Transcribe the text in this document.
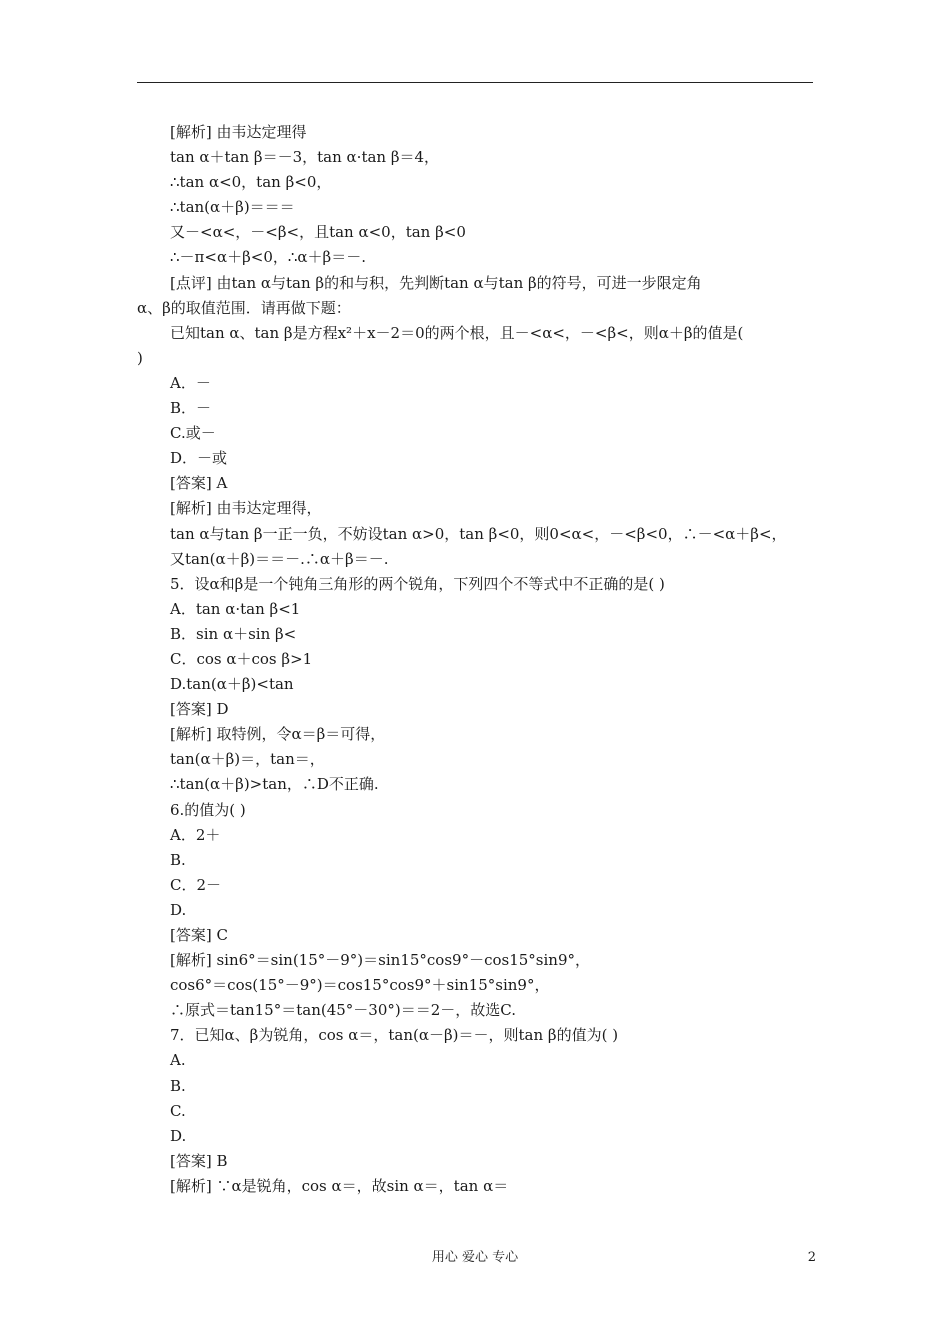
[解析] 由韦达定理得
tan α＋tan β＝－3，tan α·tan β＝4，
∴tan α<0，tan β<0，
∴tan(α＋β)＝＝＝
又－<α<，－<β<，且tan α<0，tan β<0
∴－π<α＋β<0，∴α＋β＝－.
[点评] 由tan α与tan β的和与积，先判断tan α与tan β的符号，可进一步限定角
α、β的取值范围．请再做下题：
已知tan α、tan β是方程x²＋x－2＝0的两个根，且－<α<，－<β<，则α＋β的值是(
)
A．－
B．－
C.或－
D．－或
[答案] A
[解析] 由韦达定理得，
tan α与tan β一正一负，不妨设tan α>0，tan β<0，则0<α<，－<β<0，∴－<α＋β<，
又tan(α＋β)＝＝－.∴α＋β＝－.
5．设α和β是一个钝角三角形的两个锐角，下列四个不等式中不正确的是( )
A．tan α·tan β<1
B．sin α＋sin β<
C．cos α＋cos β>1
D.tan(α＋β)<tan
[答案] D
[解析] 取特例，令α＝β＝可得，
tan(α＋β)＝，tan＝，
∴tan(α＋β)>tan，∴D不正确.
6.的值为( )
A．2＋
B.
C．2－
D.
[答案] C
[解析] sin6°＝sin(15°－9°)＝sin15°cos9°－cos15°sin9°，
cos6°＝cos(15°－9°)＝cos15°cos9°＋sin15°sin9°，
∴原式＝tan15°＝tan(45°－30°)＝＝2－，故选C.
7．已知α、β为锐角，cos α＝，tan(α－β)＝－，则tan β的值为( )
A.
B.
C.
D.
[答案] B
[解析] ∵α是锐角，cos α＝，故sin α＝，tan α＝
用心 爱心 专心	2
